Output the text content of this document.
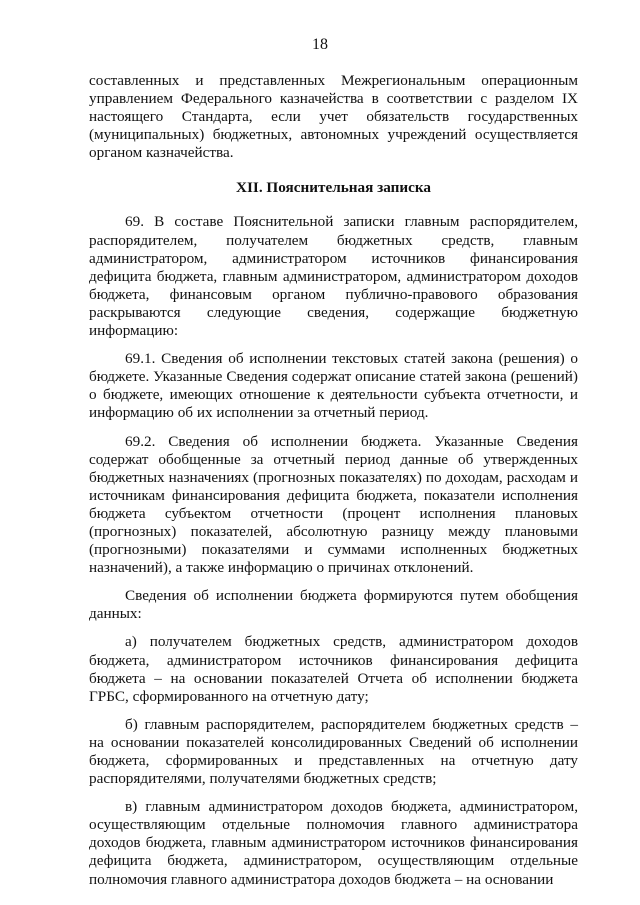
18

составленных и представленных Межрегиональным операционным управлением Федерального казначейства в соответствии с разделом IX настоящего Стандарта, если учет обязательств государственных (муниципальных) бюджетных, автономных учреждений осуществляется органом казначейства.

XII. Пояснительная записка

69. В составе Пояснительной записки главным распорядителем, распорядителем, получателем бюджетных средств, главным администратором, администратором источников финансирования дефицита бюджета, главным администратором, администратором доходов бюджета, финансовым органом публично-правового образования раскрываются следующие сведения, содержащие бюджетную информацию:

69.1. Сведения об исполнении текстовых статей закона (решения) о бюджете. Указанные Сведения содержат описание статей закона (решений) о бюджете, имеющих отношение к деятельности субъекта отчетности, и информацию об их исполнении за отчетный период.

69.2. Сведения об исполнении бюджета. Указанные Сведения содержат обобщенные за отчетный период данные об утвержденных бюджетных назначениях (прогнозных показателях) по доходам, расходам и источникам финансирования дефицита бюджета, показатели исполнения бюджета субъектом отчетности (процент исполнения плановых (прогнозных) показателей, абсолютную разницу между плановыми (прогнозными) показателями и суммами исполненных бюджетных назначений), а также информацию о причинах отклонений.

Сведения об исполнении бюджета формируются путем обобщения данных:

а) получателем бюджетных средств, администратором доходов бюджета, администратором источников финансирования дефицита бюджета – на основании показателей Отчета об исполнении бюджета ГРБС, сформированного на отчетную дату;

б) главным распорядителем, распорядителем бюджетных средств – на основании показателей консолидированных Сведений об исполнении бюджета, сформированных и представленных на отчетную дату распорядителями, получателями бюджетных средств;

в) главным администратором доходов бюджета, администратором, осуществляющим отдельные полномочия главного администратора доходов бюджета, главным администратором источников финансирования дефицита бюджета, администратором, осуществляющим отдельные полномочия главного администратора доходов бюджета – на основании
